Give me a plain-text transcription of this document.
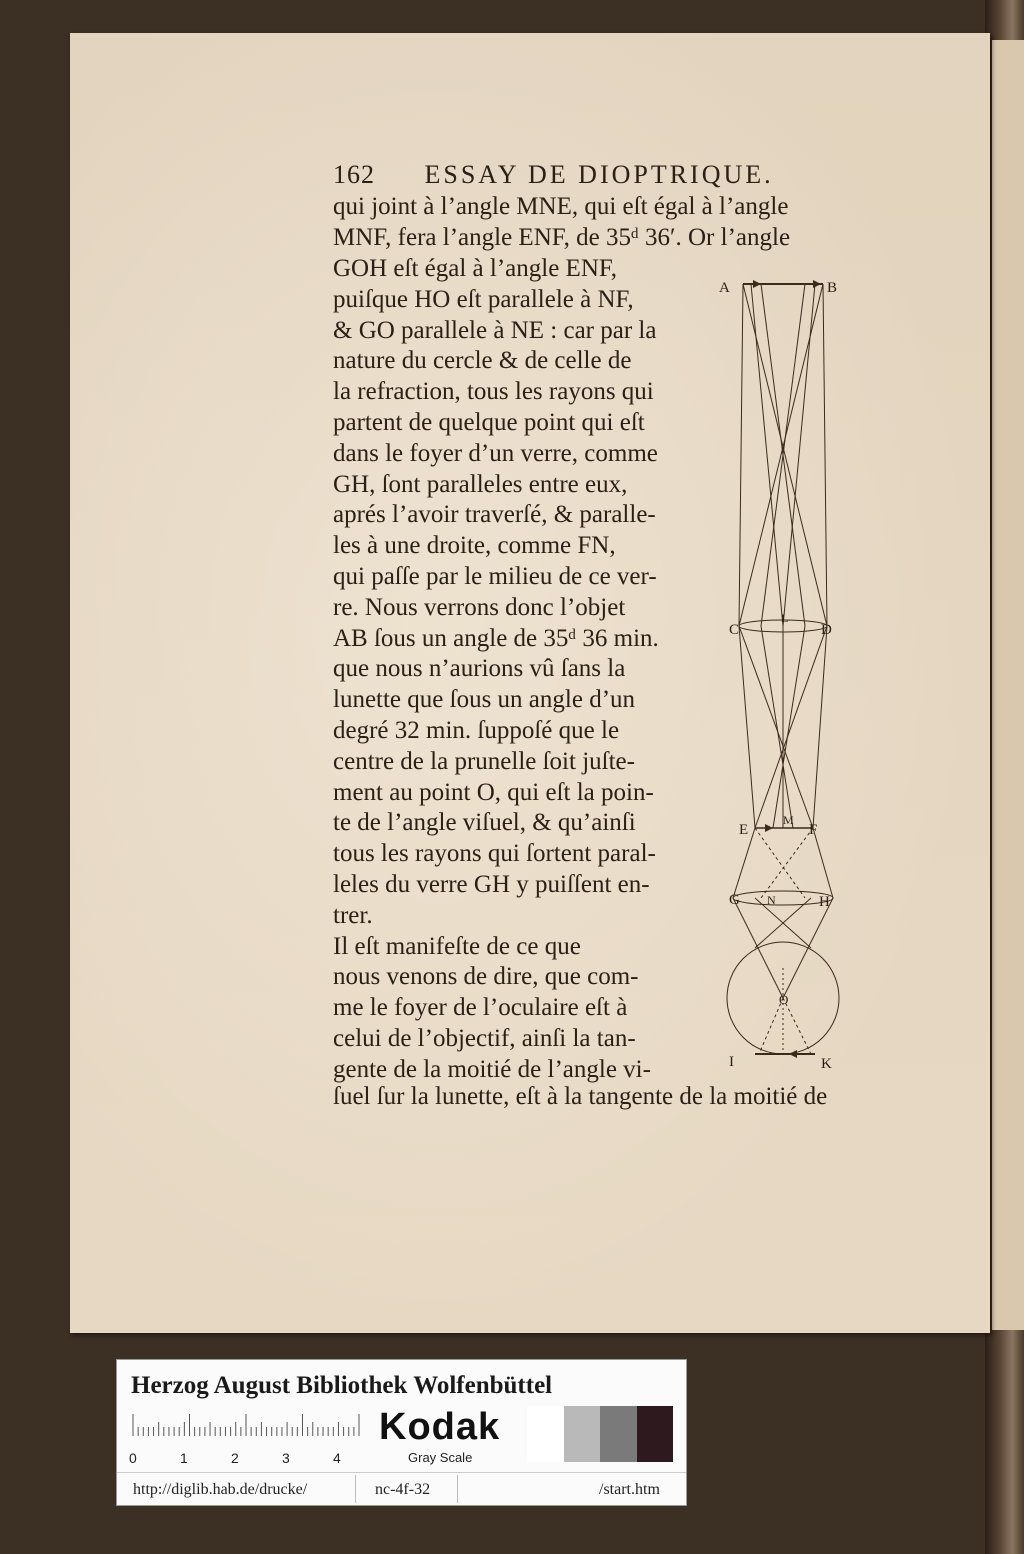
162 ESSAY DE DIOPTRIQUE.
qui joint à l’angle MNE, qui eſt égal à l’angle
MNF, fera l’angle ENF, de 35ᵈ 36′. Or l’angle
GOH eſt égal à l’angle ENF,
puiſque HO eſt parallele à NF,
& GO parallele à NE : car par la
nature du cercle & de celle de
la refraction, tous les rayons qui
partent de quelque point qui eſt
dans le foyer d’un verre, comme
GH, ſont paralleles entre eux,
aprés l’avoir traverſé, & paralle-
les à une droite, comme FN,
qui paſſe par le milieu de ce ver-
re. Nous verrons donc l’objet
AB ſous un angle de 35ᵈ 36 min.
que nous n’aurions vû ſans la
lunette que ſous un angle d’un
degré 32 min. ſuppoſé que le
centre de la prunelle ſoit juſte-
ment au point O, qui eſt la poin-
te de l’angle viſuel, & qu’ainſi
tous les rayons qui ſortent paral-
leles du verre GH y puiſſent en-
trer.
Il eſt manifeſte de ce que
nous venons de dire, que com-
me le foyer de l’oculaire eſt à
celui de l’objectif, ainſi la tan-
gente de la moitié de l’angle vi-
ſuel ſur la lunette, eſt à la tangente de la moitié de
A	B
C	D
L
E
M
F
G N	H
O
I	K
Herzog August Bibliothek Wolfenbüttel
0	1	2	3	4
Kodak
Gray Scale
http://diglib.hab.de/drucke/	nc-4f-32	/start.htm
